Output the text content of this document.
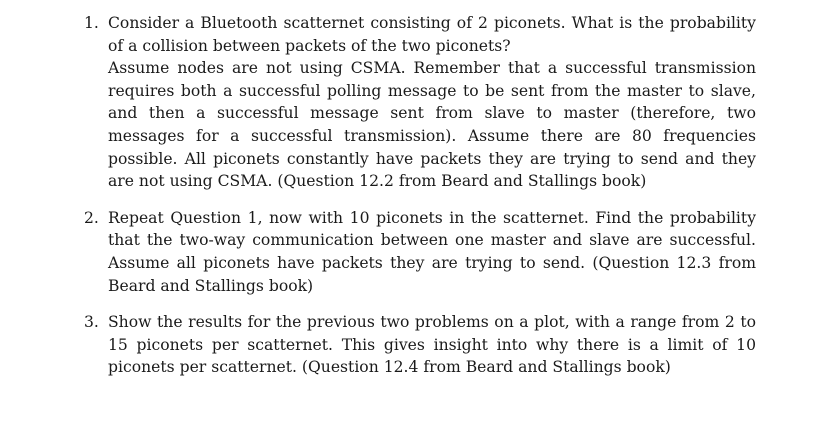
1. Consider a Bluetooth scatternet consisting of 2 piconets. What is the probability of a collision between packets of the two piconets?

Assume nodes are not using CSMA. Remember that a successful transmission requires both a successful polling message to be sent from the master to slave, and then a successful message sent from slave to master (therefore, two messages for a successful transmission). Assume there are 80 frequencies possible. All piconets constantly have packets they are trying to send and they are not using CSMA. (Question 12.2 from Beard and Stallings book)

2. Repeat Question 1, now with 10 piconets in the scatternet. Find the probability that the two-way communication between one master and slave are successful. Assume all piconets have packets they are trying to send. (Question 12.3 from Beard and Stallings book)

3. Show the results for the previous two problems on a plot, with a range from 2 to 15 piconets per scatternet. This gives insight into why there is a limit of 10 piconets per scatternet. (Question 12.4 from Beard and Stallings book)
